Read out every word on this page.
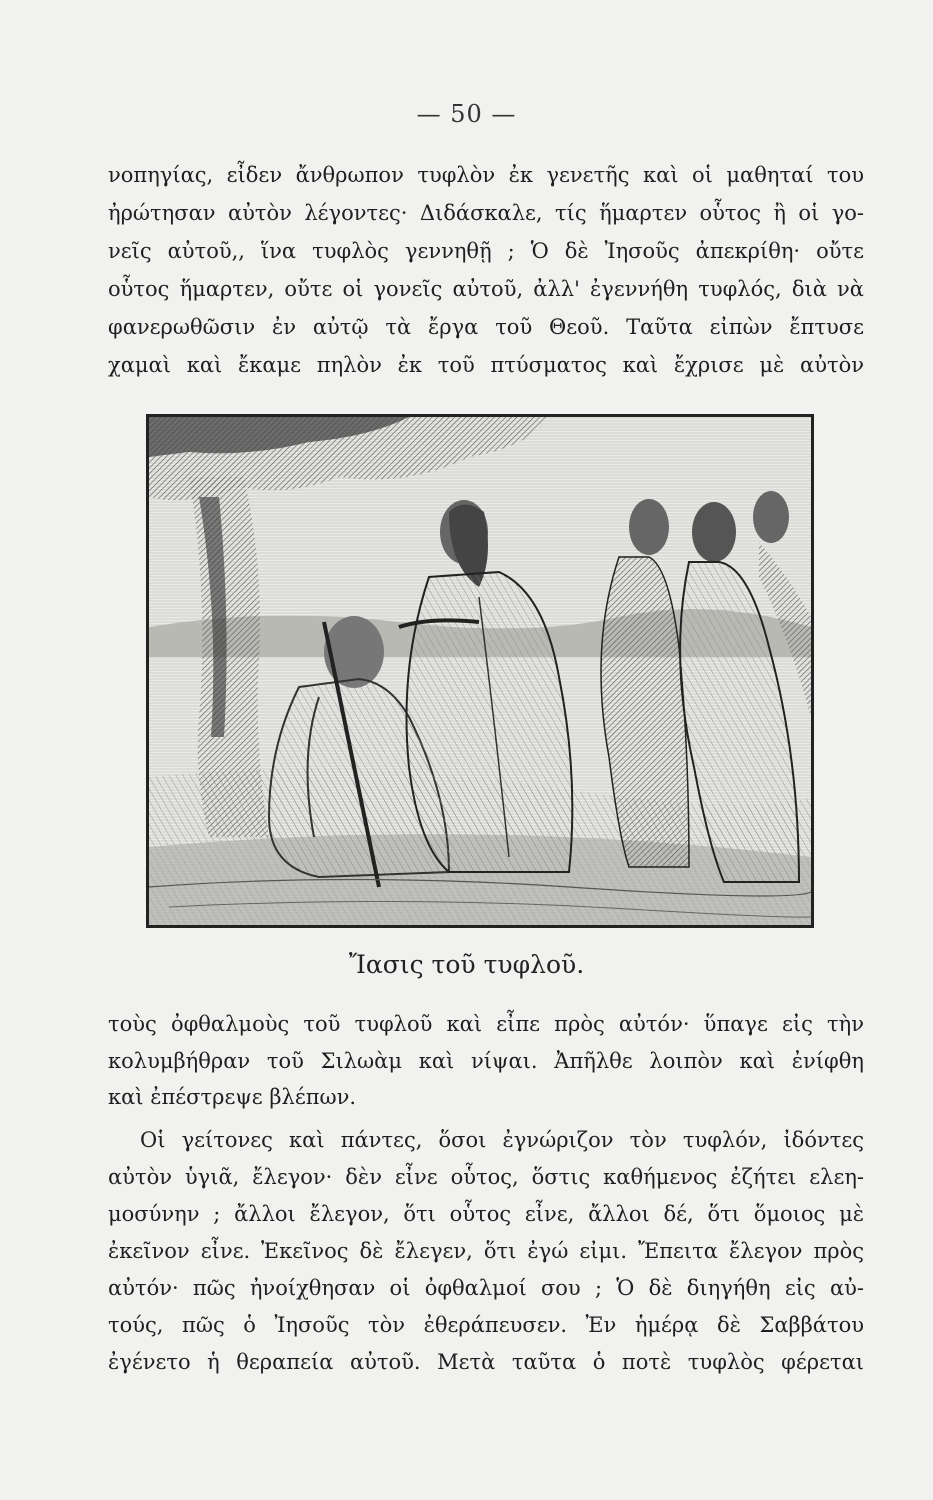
— 50 —
νοπηγίας, εἶδεν ἄνθρωπον τυφλὸν ἐκ γενετῆς καὶ οἱ μαθηταί του
ἠρώτησαν αὐτὸν λέγοντες· Διδάσκαλε, τίς ἥμαρτεν οὗτος ἢ οἱ γο-
νεῖς αὐτοῦ,, ἵνα τυφλὸς γεννηθῇ ; Ὁ δὲ Ἰησοῦς ἀπεκρίθη· οὔτε
οὗτος ἥμαρτεν, οὔτε οἱ γονεῖς αὐτοῦ, ἀλλ' ἐγεννήθη τυφλός, διὰ νὰ
φανερωθῶσιν ἐν αὐτῷ τὰ ἔργα τοῦ Θεοῦ. Ταῦτα εἰπὼν ἔπτυσε
χαμαὶ καὶ ἔκαμε πηλὸν ἐκ τοῦ πτύσματος καὶ ἔχρισε μὲ αὐτὸν
Ἴασις τοῦ τυφλοῦ.
τοὺς ὀφθαλμοὺς τοῦ τυφλοῦ καὶ εἶπε πρὸς αὐτόν· ὕπαγε εἰς τὴν
κολυμβήθραν τοῦ Σιλωὰμ καὶ νίψαι. Ἀπῆλθε λοιπὸν καὶ ἐνίφθη
καὶ ἐπέστρεψε βλέπων.
Οἱ γείτονες καὶ πάντες, ὅσοι ἐγνώριζον τὸν τυφλόν, ἰδόντες
αὐτὸν ὑγιᾶ, ἔλεγον· δὲν εἶνε οὗτος, ὅστις καθήμενος ἐζήτει ελεη-
μοσύνην ; ἄλλοι ἔλεγον, ὅτι οὗτος εἶνε, ἄλλοι δέ, ὅτι ὅμοιος μὲ
ἐκεῖνον εἶνε. Ἐκεῖνος δὲ ἔλεγεν, ὅτι ἐγώ εἰμι. Ἔπειτα ἔλεγον πρὸς
αὐτόν· πῶς ἠνοίχθησαν οἱ ὀφθαλμοί σου ; Ὁ δὲ διηγήθη εἰς αὐ-
τούς, πῶς ὁ Ἰησοῦς τὸν ἐθεράπευσεν. Ἐν ἡμέρᾳ δὲ Σαββάτου
ἐγένετο ἡ θεραπεία αὐτοῦ. Μετὰ ταῦτα ὁ ποτὲ τυφλὸς φέρεται
